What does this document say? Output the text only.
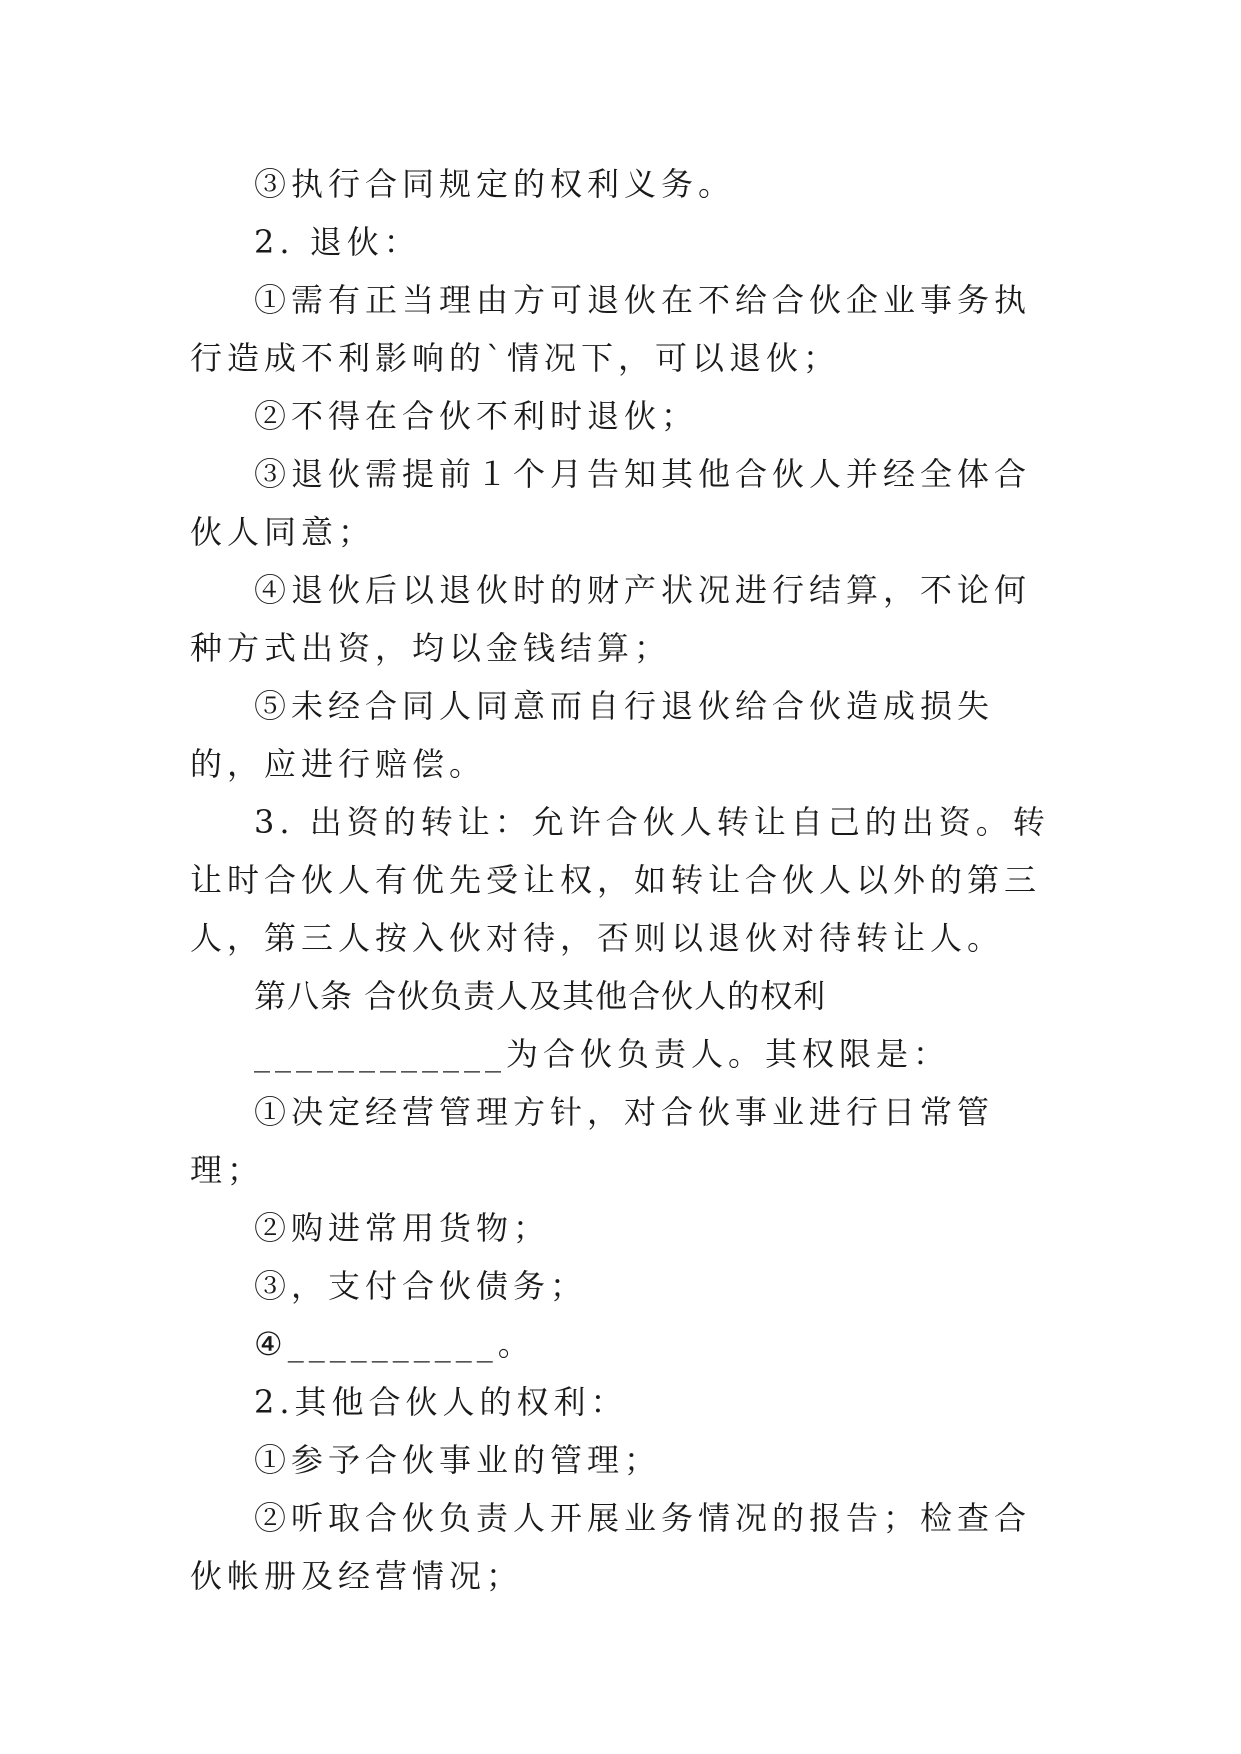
③执行合同规定的权利义务。

2. 退伙：

①需有正当理由方可退伙在不给合伙企业事务执行造成不利影响的`情况下，可以退伙；

②不得在合伙不利时退伙；

③退伙需提前１个月告知其他合伙人并经全体合伙人同意；

④退伙后以退伙时的财产状况进行结算，不论何种方式出资，均以金钱结算；

⑤未经合同人同意而自行退伙给合伙造成损失的，应进行赔偿。

3. 出资的转让：允许合伙人转让自己的出资。转让时合伙人有优先受让权，如转让合伙人以外的第三人，第三人按入伙对待，否则以退伙对待转让人。

第八条 合伙负责人及其他合伙人的权利

____________为合伙负责人。其权限是：

①决定经营管理方针，对合伙事业进行日常管理；

②购进常用货物；

③，支付合伙债务；

④__________。

2.其他合伙人的权利：

①参予合伙事业的管理；

②听取合伙负责人开展业务情况的报告；检查合伙帐册及经营情况；
